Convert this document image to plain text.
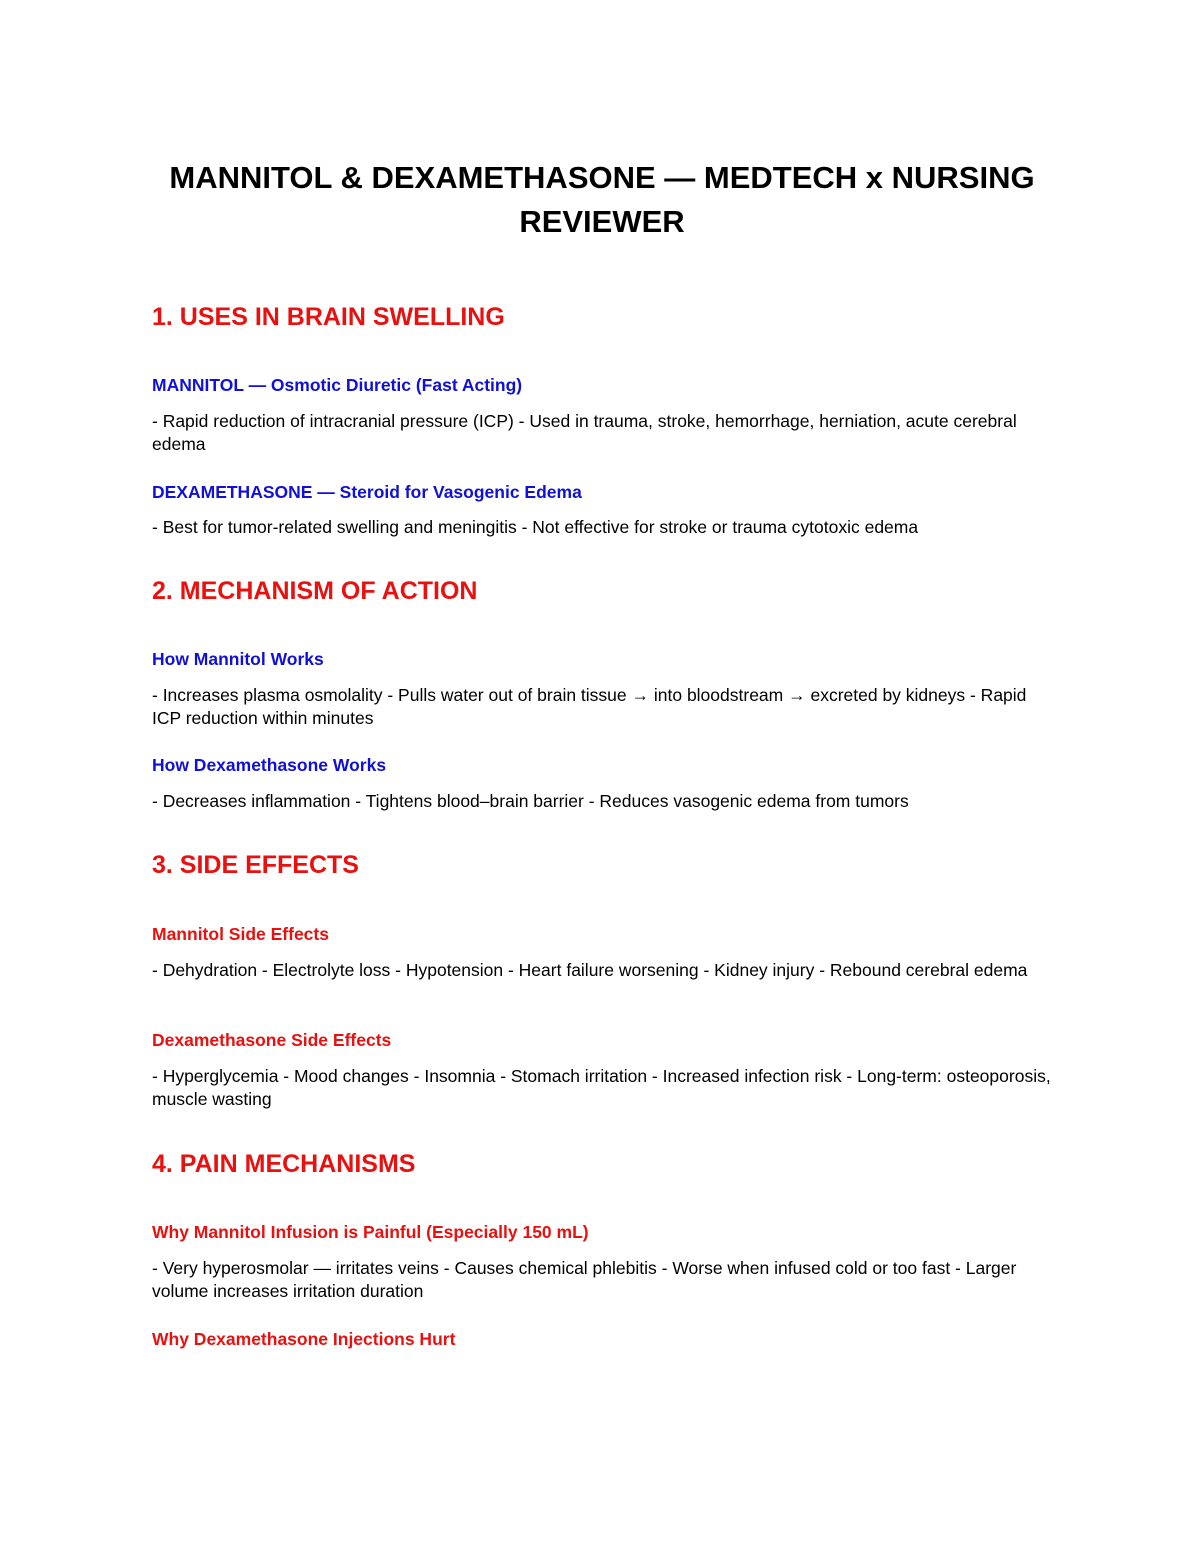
MANNITOL & DEXAMETHASONE — MEDTECH x NURSING REVIEWER
1. USES IN BRAIN SWELLING
MANNITOL — Osmotic Diuretic (Fast Acting)

- Rapid reduction of intracranial pressure (ICP) - Used in trauma, stroke, hemorrhage, herniation, acute cerebral edema

DEXAMETHASONE — Steroid for Vasogenic Edema

- Best for tumor-related swelling and meningitis - Not effective for stroke or trauma cytotoxic edema

2. MECHANISM OF ACTION
How Mannitol Works

- Increases plasma osmolality - Pulls water out of brain tissue → into bloodstream → excreted by kidneys - Rapid ICP reduction within minutes

How Dexamethasone Works

- Decreases inflammation - Tightens blood–brain barrier - Reduces vasogenic edema from tumors

3. SIDE EFFECTS
Mannitol Side Effects

- Dehydration - Electrolyte loss - Hypotension - Heart failure worsening - Kidney injury - Rebound cerebral edema

Dexamethasone Side Effects

- Hyperglycemia - Mood changes - Insomnia - Stomach irritation - Increased infection risk - Long-term: osteoporosis, muscle wasting

4. PAIN MECHANISMS
Why Mannitol Infusion is Painful (Especially 150 mL)

- Very hyperosmolar — irritates veins - Causes chemical phlebitis - Worse when infused cold or too fast - Larger volume increases irritation duration

Why Dexamethasone Injections Hurt
